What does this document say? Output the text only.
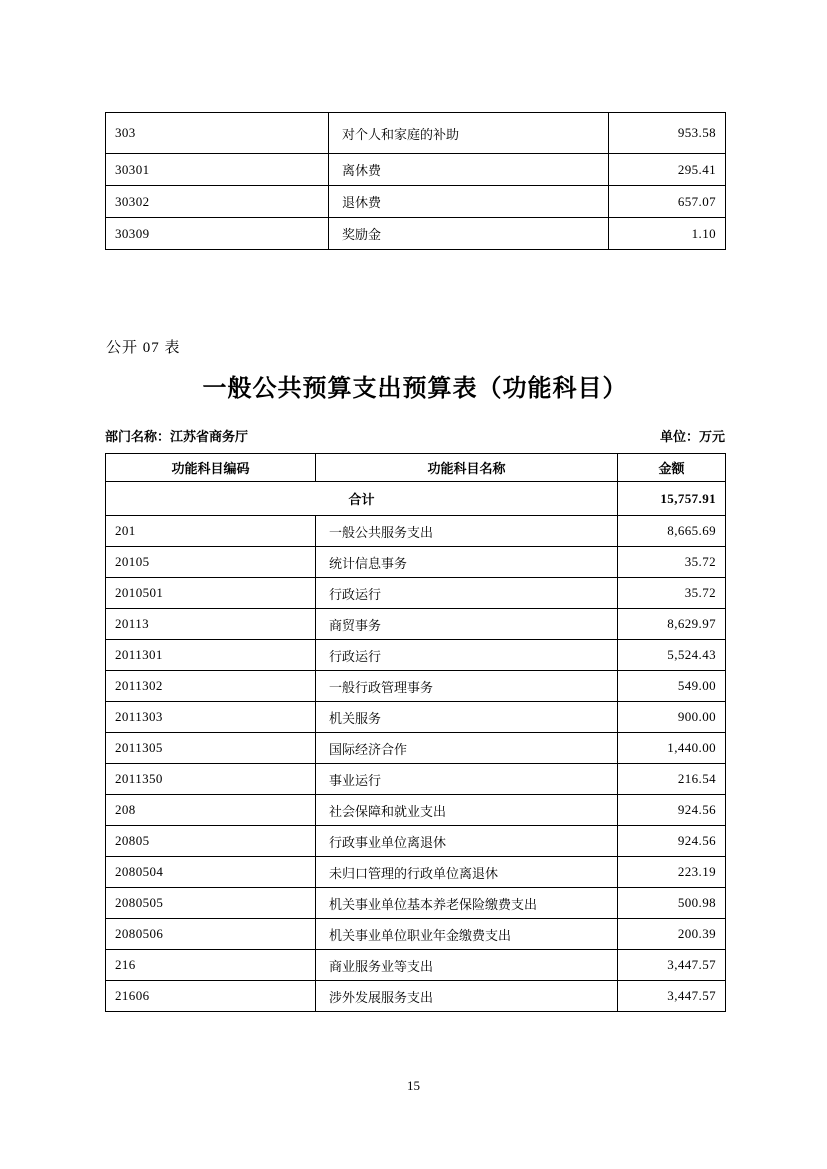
303	对个人和家庭的补助	953.58
30301	离休费	295.41
30302	退休费	657.07
30309	奖励金	1.10
公开 07 表
一般公共预算支出预算表（功能科目）
部门名称：江苏省商务厅	单位：万元
功能科目编码	功能科目名称	金额
合计		15,757.91
201	一般公共服务支出	8,665.69
20105	统计信息事务	35.72
2010501	行政运行	35.72
20113	商贸事务	8,629.97
2011301	行政运行	5,524.43
2011302	一般行政管理事务	549.00
2011303	机关服务	900.00
2011305	国际经济合作	1,440.00
2011350	事业运行	216.54
208	社会保障和就业支出	924.56
20805	行政事业单位离退休	924.56
2080504	未归口管理的行政单位离退休	223.19
2080505	机关事业单位基本养老保险缴费支出	500.98
2080506	机关事业单位职业年金缴费支出	200.39
216	商业服务业等支出	3,447.57
21606	涉外发展服务支出	3,447.57
15
